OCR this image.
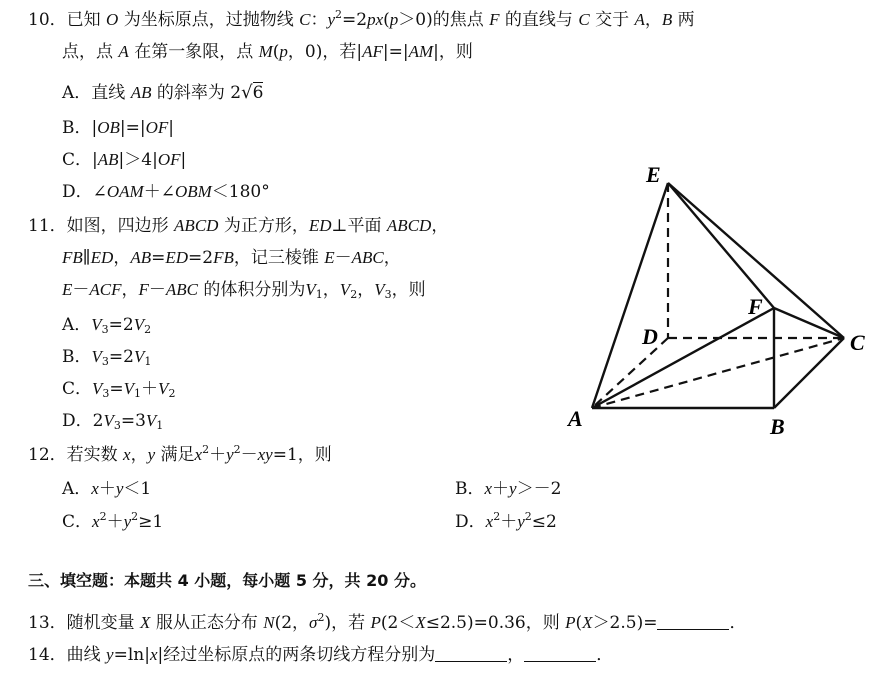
10．已知 O 为坐标原点，过抛物线 C：$y^2=2px(p>0)$的焦点 F 的直线与 C 交于 A，B 两
点，点 A 在第一象限，点 M(p，0)，若|AF|=|AM|，则
A．直线 AB 的斜率为 2√6
B．|OB|=|OF|
C．|AB|＞4|OF|
D．∠OAM＋∠OBM＜180°
11．如图，四边形 ABCD 为正方形，ED⊥平面 ABCD，
FB∥ED，AB=ED=2FB，记三棱锥 E－ABC，
E－ACF，F－ABC 的体积分别为$V_1$，$V_2$，$V_3$，则
A．$V_3=2V_2$
B．$V_3=2V_1$
C．$V_3=V_1+V_2$
D．$2V_3=3V_1$
12．若实数 x，y 满足$x^2+y^2-xy=1$，则
A．x＋y＜1	B．x＋y＞－2
C．$x^2+y^2\ge 1$	D．$x^2+y^2\le 2$
三、填空题：本题共 4 小题，每小题 5 分，共 20 分。
13．随机变量 X 服从正态分布 N(2，$\sigma^2$)，若 P(2＜X≤2.5)=0.36，则 P(X＞2.5)=	．
14．曲线 y=ln|x|经过坐标原点的两条切线方程分别为	，	．
E
F
D	C
A	B
